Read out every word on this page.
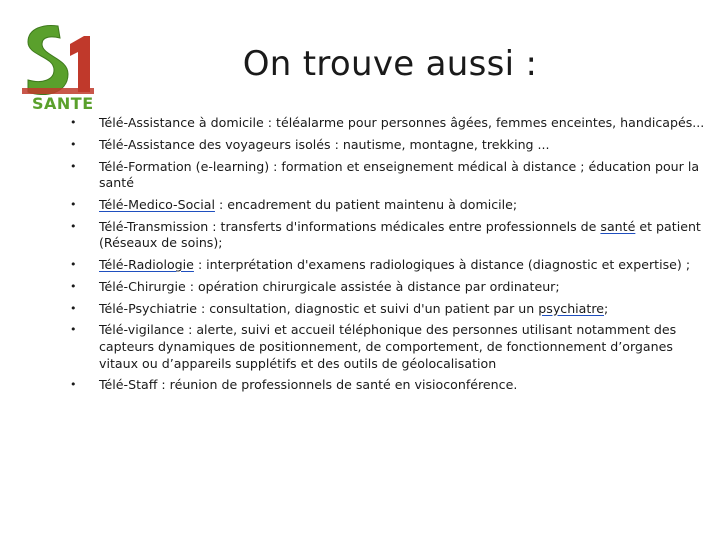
SANTE
On trouve aussi :
•	Télé-Assistance à domicile : téléalarme pour personnes âgées, femmes enceintes, handicapés...
•	Télé-Assistance des voyageurs isolés : nautisme, montagne, trekking ...
•	Télé-Formation (e-learning) : formation et enseignement médical à distance ; éducation pour la santé
•	Télé-Medico-Social : encadrement du patient maintenu à domicile;
•	Télé-Transmission : transferts d'informations médicales entre professionnels de santé et patient (Réseaux de soins);
•	Télé-Radiologie : interprétation d'examens radiologiques à distance (diagnostic et expertise) ;
•	Télé-Chirurgie : opération chirurgicale assistée à distance par ordinateur;
•	Télé-Psychiatrie : consultation, diagnostic et suivi d'un patient par un psychiatre;
•	Télé-vigilance : alerte, suivi et accueil téléphonique des personnes utilisant notamment des capteurs dynamiques de positionnement, de comportement, de fonctionnement d’organes vitaux ou d’appareils supplétifs et des outils de géolocalisation
•	Télé-Staff : réunion de professionnels de santé en visioconférence.
